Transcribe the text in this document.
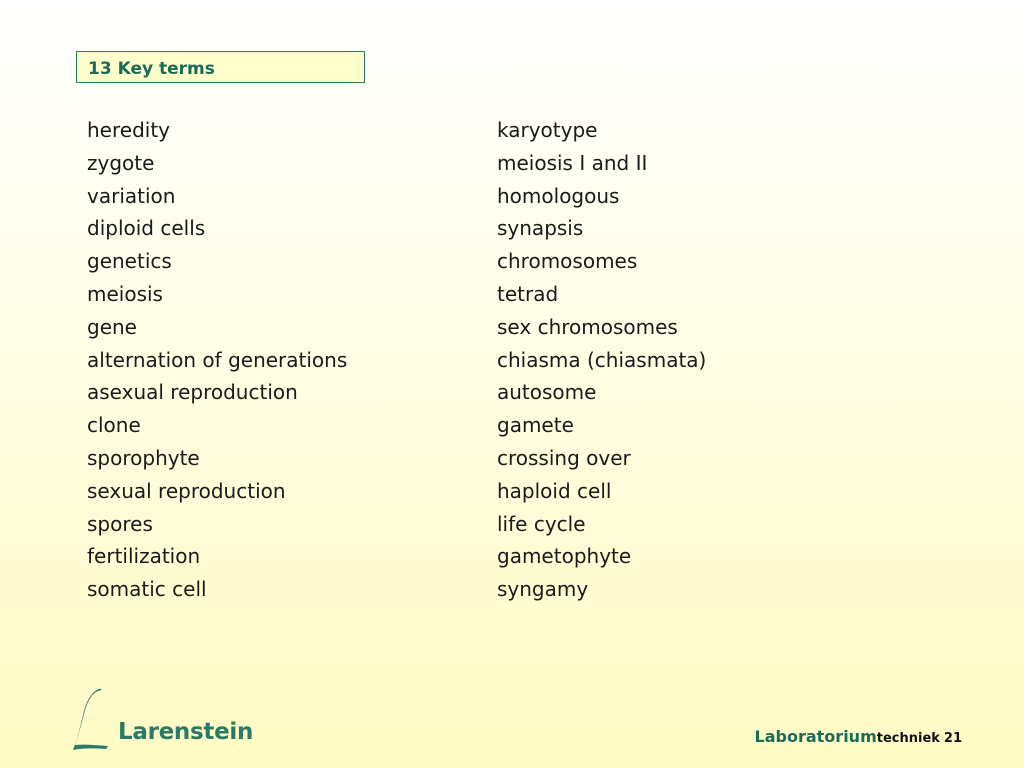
13 Key terms
heredity
zygote
variation
diploid cells
genetics
meiosis
gene
alternation of generations
asexual reproduction
clone
sporophyte
sexual reproduction
spores
fertilization
somatic cell
karyotype
meiosis I and II
homologous
synapsis
chromosomes
tetrad
sex chromosomes
chiasma (chiasmata)
autosome
gamete
crossing over
haploid cell
life cycle
gametophyte
syngamy
Larenstein	Laboratoriumtechniek 21
